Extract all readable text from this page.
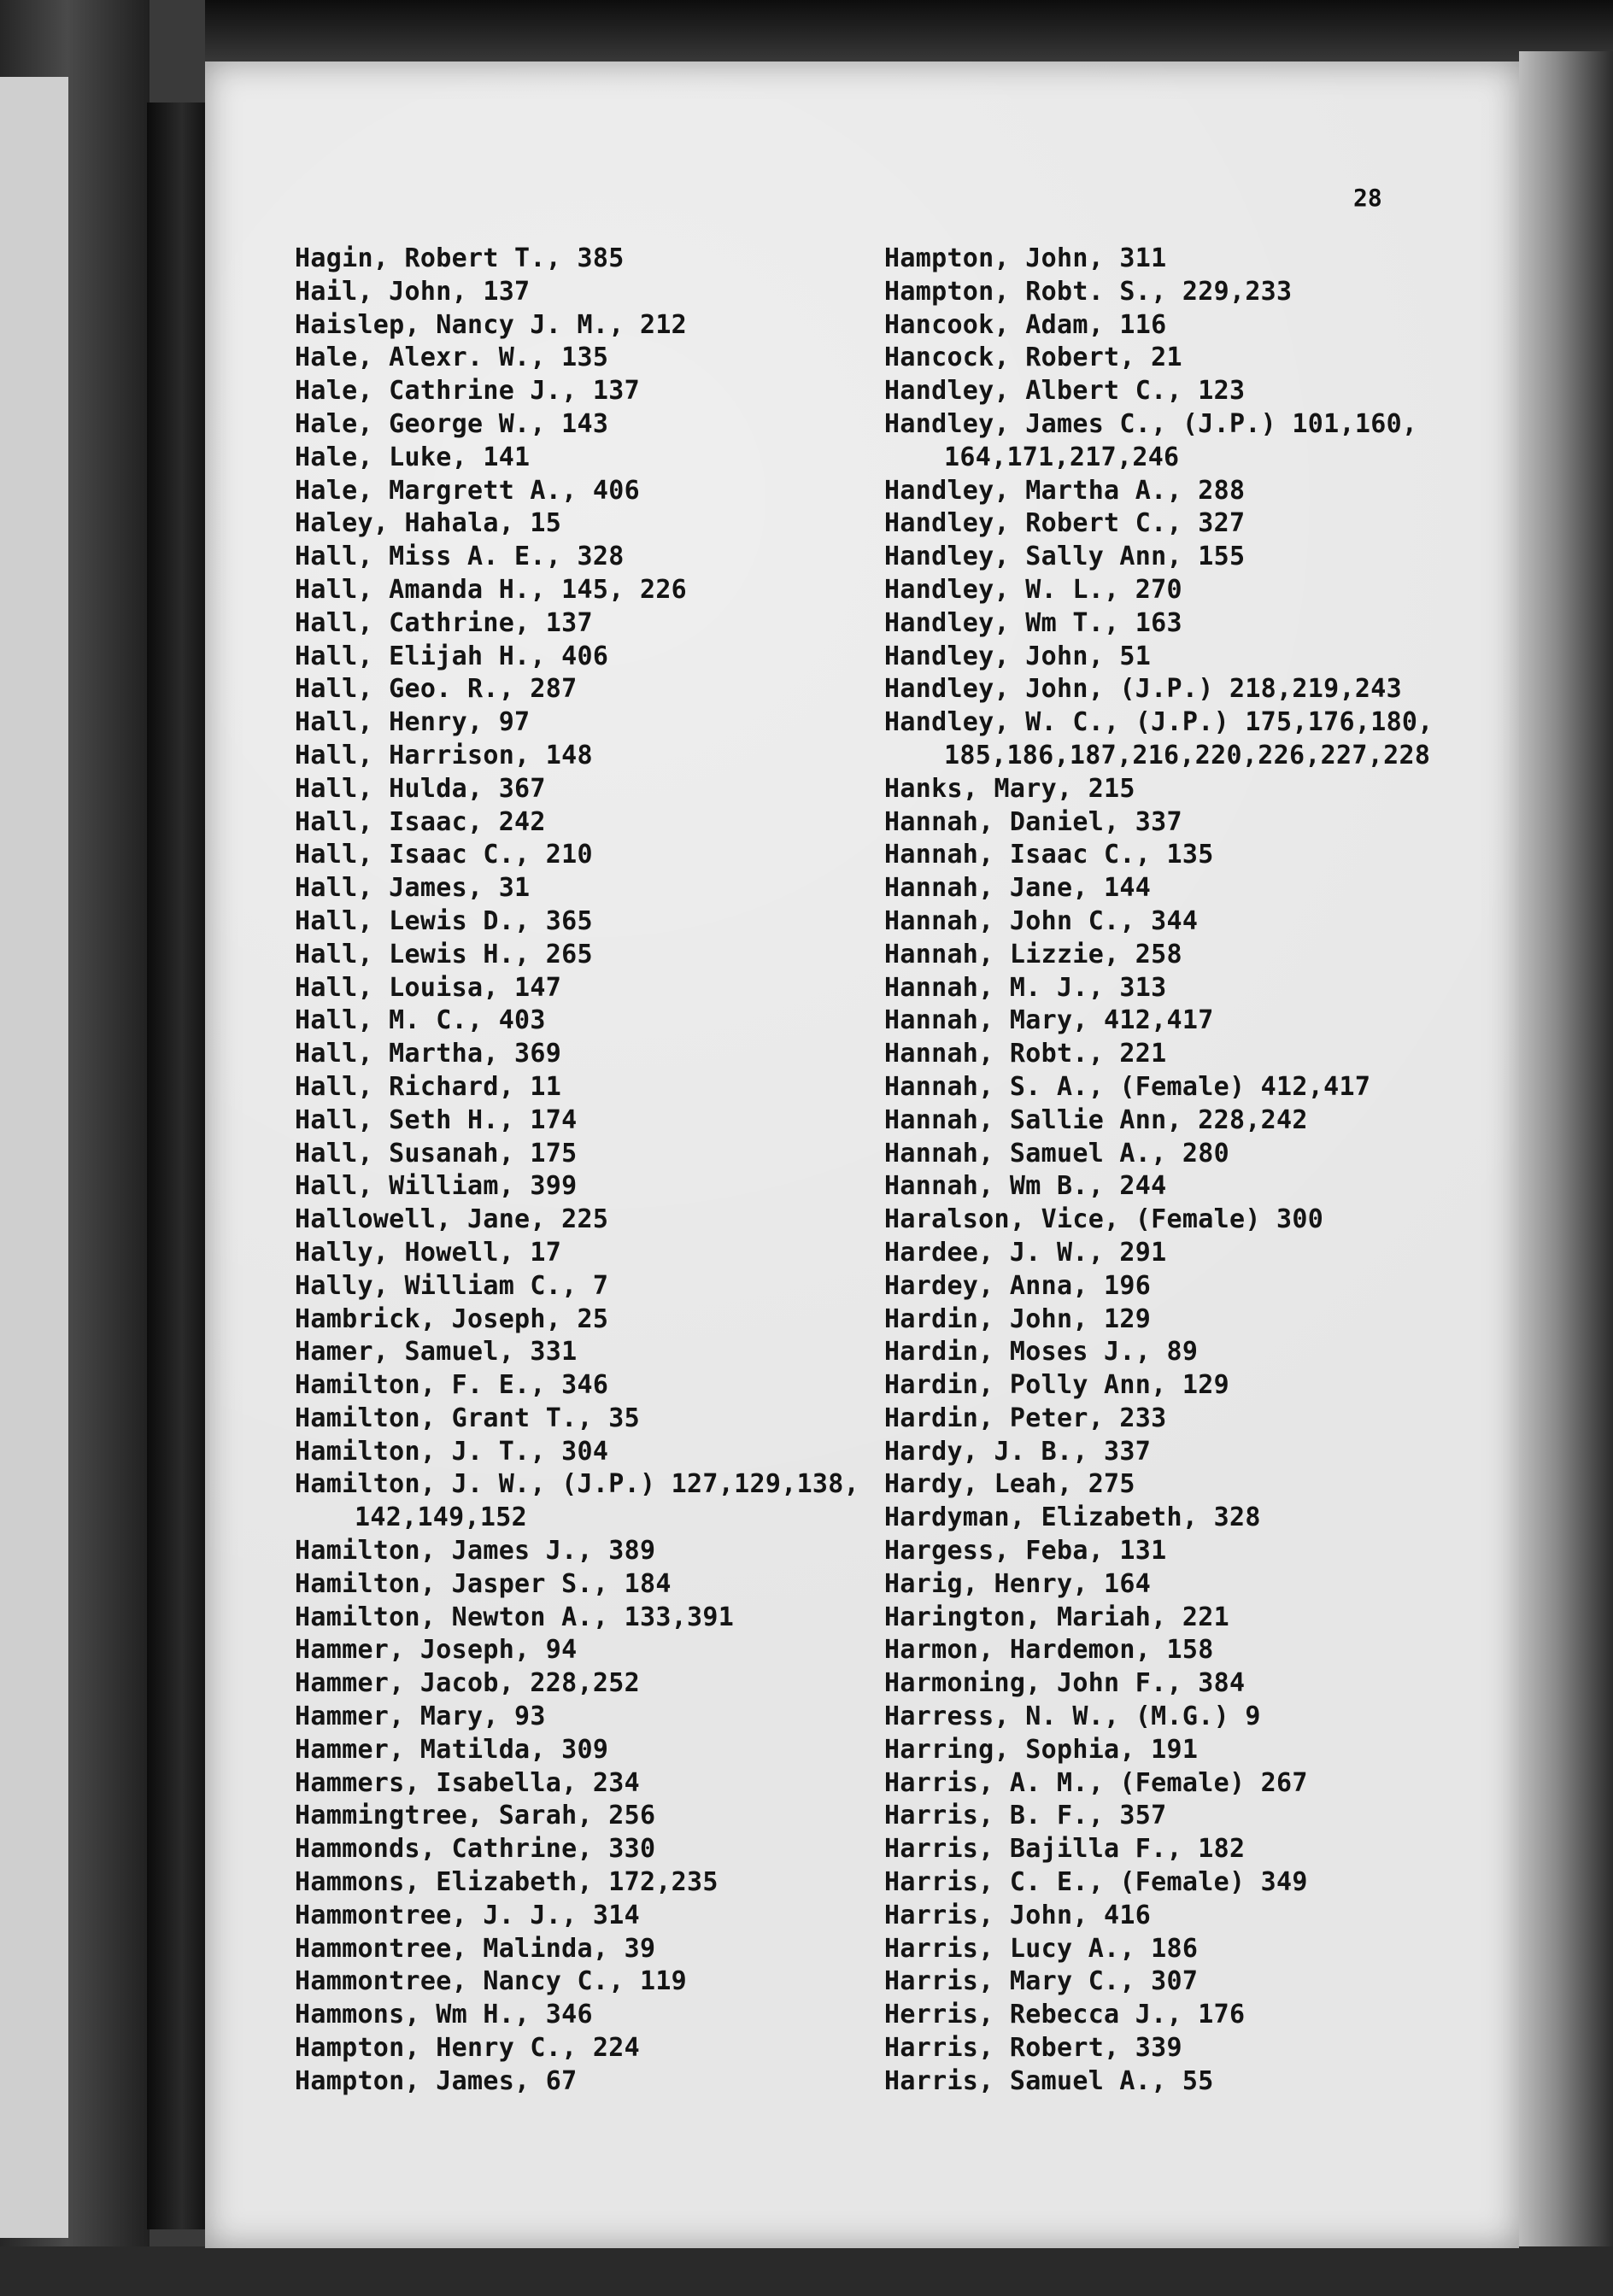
28
Hagin, Robert T., 385
Hail, John, 137
Haislep, Nancy J. M., 212
Hale, Alexr. W., 135
Hale, Cathrine J., 137
Hale, George W., 143
Hale, Luke, 141
Hale, Margrett A., 406
Haley, Hahala, 15
Hall, Miss A. E., 328
Hall, Amanda H., 145, 226
Hall, Cathrine, 137
Hall, Elijah H., 406
Hall, Geo. R., 287
Hall, Henry, 97
Hall, Harrison, 148
Hall, Hulda, 367
Hall, Isaac, 242
Hall, Isaac C., 210
Hall, James, 31
Hall, Lewis D., 365
Hall, Lewis H., 265
Hall, Louisa, 147
Hall, M. C., 403
Hall, Martha, 369
Hall, Richard, 11
Hall, Seth H., 174
Hall, Susanah, 175
Hall, William, 399
Hallowell, Jane, 225
Hally, Howell, 17
Hally, William C., 7
Hambrick, Joseph, 25
Hamer, Samuel, 331
Hamilton, F. E., 346
Hamilton, Grant T., 35
Hamilton, J. T., 304
Hamilton, J. W., (J.P.) 127,129,138,
142,149,152
Hamilton, James J., 389
Hamilton, Jasper S., 184
Hamilton, Newton A., 133,391
Hammer, Joseph, 94
Hammer, Jacob, 228,252
Hammer, Mary, 93
Hammer, Matilda, 309
Hammers, Isabella, 234
Hammingtree, Sarah, 256
Hammonds, Cathrine, 330
Hammons, Elizabeth, 172,235
Hammontree, J. J., 314
Hammontree, Malinda, 39
Hammontree, Nancy C., 119
Hammons, Wm H., 346
Hampton, Henry C., 224
Hampton, James, 67
Hampton, John, 311
Hampton, Robt. S., 229,233
Hancook, Adam, 116
Hancock, Robert, 21
Handley, Albert C., 123
Handley, James C., (J.P.) 101,160,
164,171,217,246
Handley, Martha A., 288
Handley, Robert C., 327
Handley, Sally Ann, 155
Handley, W. L., 270
Handley, Wm T., 163
Handley, John, 51
Handley, John, (J.P.) 218,219,243
Handley, W. C., (J.P.) 175,176,180,
185,186,187,216,220,226,227,228
Hanks, Mary, 215
Hannah, Daniel, 337
Hannah, Isaac C., 135
Hannah, Jane, 144
Hannah, John C., 344
Hannah, Lizzie, 258
Hannah, M. J., 313
Hannah, Mary, 412,417
Hannah, Robt., 221
Hannah, S. A., (Female) 412,417
Hannah, Sallie Ann, 228,242
Hannah, Samuel A., 280
Hannah, Wm B., 244
Haralson, Vice, (Female) 300
Hardee, J. W., 291
Hardey, Anna, 196
Hardin, John, 129
Hardin, Moses J., 89
Hardin, Polly Ann, 129
Hardin, Peter, 233
Hardy, J. B., 337
Hardy, Leah, 275
Hardyman, Elizabeth, 328
Hargess, Feba, 131
Harig, Henry, 164
Harington, Mariah, 221
Harmon, Hardemon, 158
Harmoning, John F., 384
Harress, N. W., (M.G.) 9
Harring, Sophia, 191
Harris, A. M., (Female) 267
Harris, B. F., 357
Harris, Bajilla F., 182
Harris, C. E., (Female) 349
Harris, John, 416
Harris, Lucy A., 186
Harris, Mary C., 307
Herris, Rebecca J., 176
Harris, Robert, 339
Harris, Samuel A., 55
